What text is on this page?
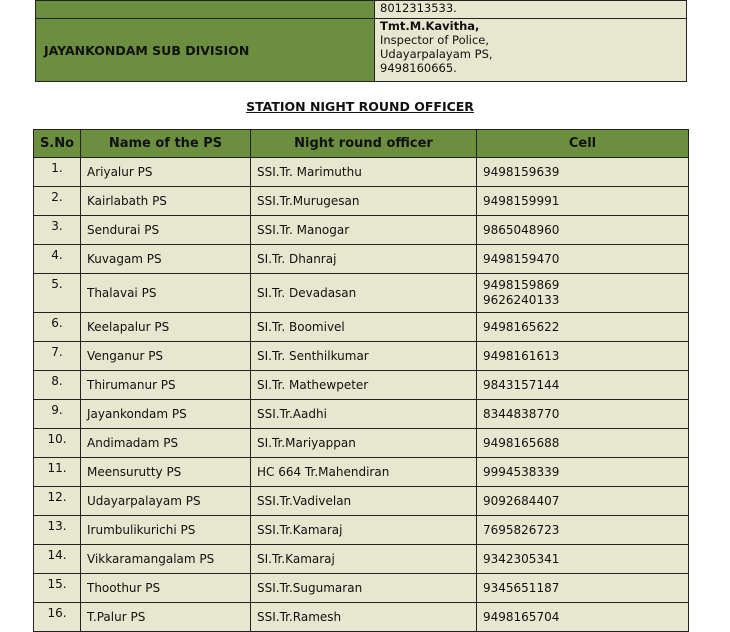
	8012313533.
JAYANKONDAM SUB DIVISION	Tmt.M.Kavitha,
Inspector of Police,
Udayarpalayam PS,
9498160665.
STATION NIGHT ROUND OFFICER
S.No	Name of the PS	Night round officer	Cell
1.	Ariyalur PS	SSI.Tr. Marimuthu	9498159639

2.	Kairlabath PS	SSI.Tr.Murugesan	9498159991

3.	Sendurai PS	SSI.Tr. Manogar	9865048960

4.	Kuvagam PS	SI.Tr. Dhanraj	9498159470

5.	Thalavai PS	SI.Tr. Devadasan	9498159869
9626240133

6.	Keelapalur PS	SI.Tr. Boomivel	9498165622

7.	Venganur PS	SI.Tr. Senthilkumar	9498161613

8.	Thirumanur PS	SI.Tr. Mathewpeter	9843157144

9.	Jayankondam PS	SSI.Tr.Aadhi	8344838770

10.	Andimadam PS	SI.Tr.Mariyappan	9498165688

11.	Meensurutty PS	HC 664 Tr.Mahendiran	9994538339

12.	Udayarpalayam PS	SSI.Tr.Vadivelan	9092684407

13.	Irumbulikurichi PS	SSI.Tr.Kamaraj	7695826723

14.	Vikkaramangalam PS	SI.Tr.Kamaraj	9342305341

15.	Thoothur PS	SSI.Tr.Sugumaran	9345651187

16.	T.Palur PS	SSI.Tr.Ramesh	9498165704
